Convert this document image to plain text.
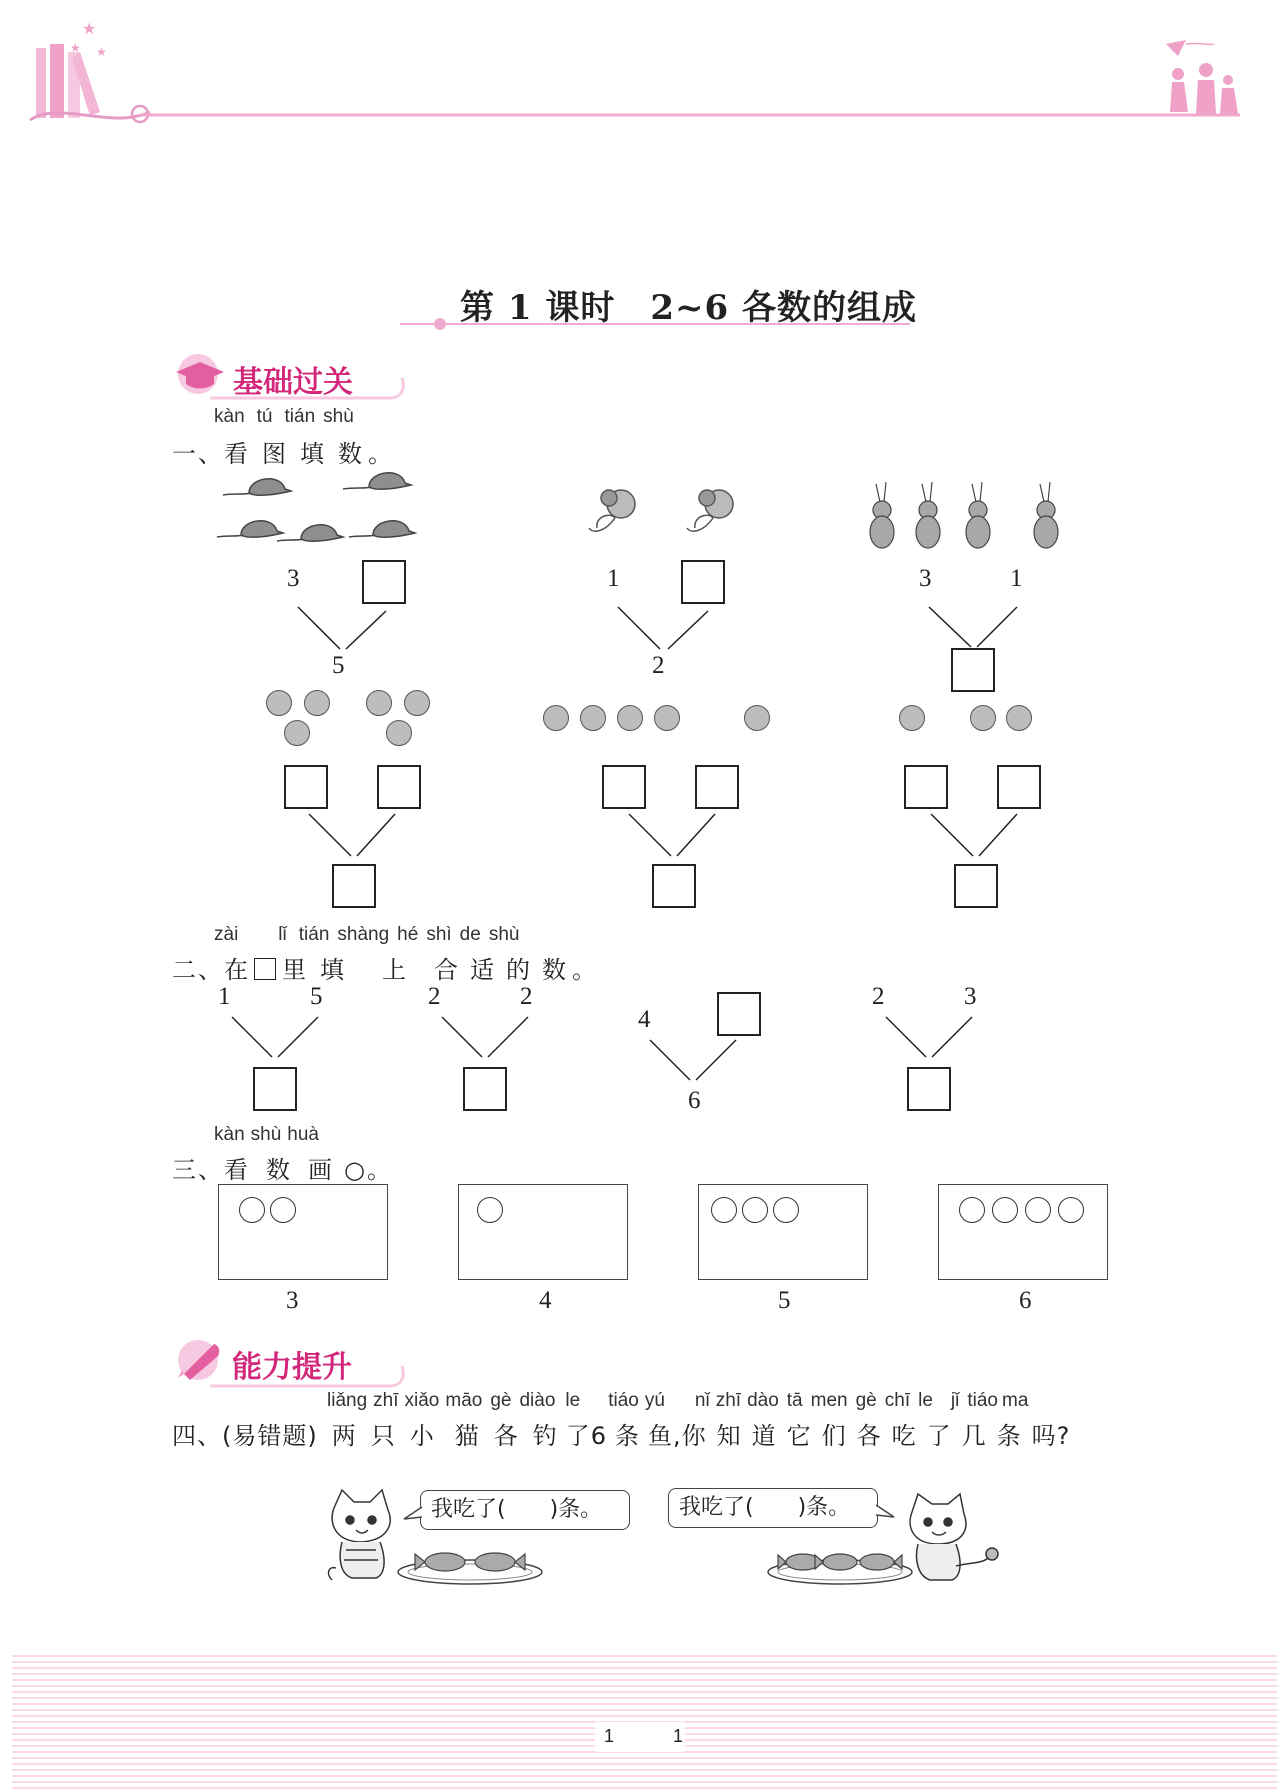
★
★ ★
第 1 课时　2~6 各数的组成
基础过关
kàn tú tián shù
一、看 图 填 数 。
3
5
1
2
3	1
zài lǐ tián shàng hé shì de shù
二、在 里 填 上 合 适 的 数 。
1	5	2	2
4
6
2	3
kàn shù huà
三、看 数 画 ○。
3	4	5	6
能力提升
liǎng zhī xiǎo māo gè diào le tiáo yú nǐ zhī dào tā men gè chī le jǐ tiáo ma
四、(易错题) 两 只 小 猫 各 钓 了6 条 鱼,你 知 道 它 们 各 吃 了 几 条 吗?
我吃了(　　)条。	我吃了(　　)条。
1	1
